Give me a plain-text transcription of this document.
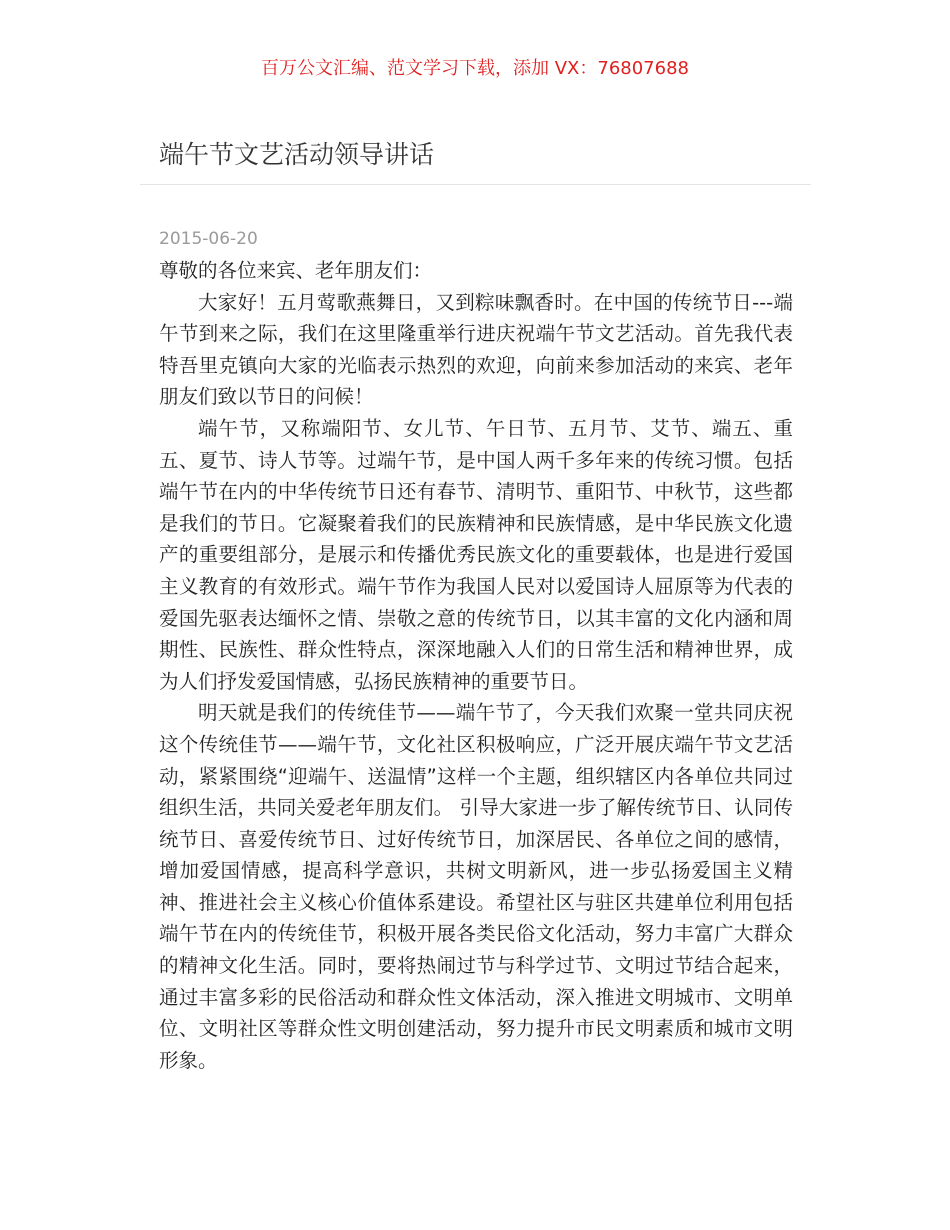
百万公文汇编、范文学习下载，添加 VX：76807688
端午节文艺活动领导讲话
2015-06-20

尊敬的各位来宾、老年朋友们：

大家好！五月莺歌燕舞日，又到粽味飘香时。在中国的传统节日---端午节到来之际，我们在这里隆重举行进庆祝端午节文艺活动。首先我代表特吾里克镇向大家的光临表示热烈的欢迎，向前来参加活动的来宾、老年朋友们致以节日的问候！

端午节，又称端阳节、女儿节、午日节、五月节、艾节、端五、重五、夏节、诗人节等。过端午节，是中国人两千多年来的传统习惯。包括端午节在内的中华传统节日还有春节、清明节、重阳节、中秋节，这些都是我们的节日。它凝聚着我们的民族精神和民族情感，是中华民族文化遗产的重要组部分，是展示和传播优秀民族文化的重要载体，也是进行爱国主义教育的有效形式。端午节作为我国人民对以爱国诗人屈原等为代表的爱国先驱表达缅怀之情、崇敬之意的传统节日，以其丰富的文化内涵和周期性、民族性、群众性特点，深深地融入人们的日常生活和精神世界，成为人们抒发爱国情感，弘扬民族精神的重要节日。

明天就是我们的传统佳节——端午节了，今天我们欢聚一堂共同庆祝这个传统佳节——端午节，文化社区积极响应，广泛开展庆端午节文艺活动，紧紧围绕“迎端午、送温情”这样一个主题，组织辖区内各单位共同过组织生活，共同关爱老年朋友们。 引导大家进一步了解传统节日、认同传统节日、喜爱传统节日、过好传统节日，加深居民、各单位之间的感情，增加爱国情感，提高科学意识，共树文明新风，进一步弘扬爱国主义精神、推进社会主义核心价值体系建设。希望社区与驻区共建单位利用包括端午节在内的传统佳节，积极开展各类民俗文化活动，努力丰富广大群众的精神文化生活。同时，要将热闹过节与科学过节、文明过节结合起来，通过丰富多彩的民俗活动和群众性文体活动，深入推进文明城市、文明单位、文明社区等群众性文明创建活动，努力提升市民文明素质和城市文明形象。
